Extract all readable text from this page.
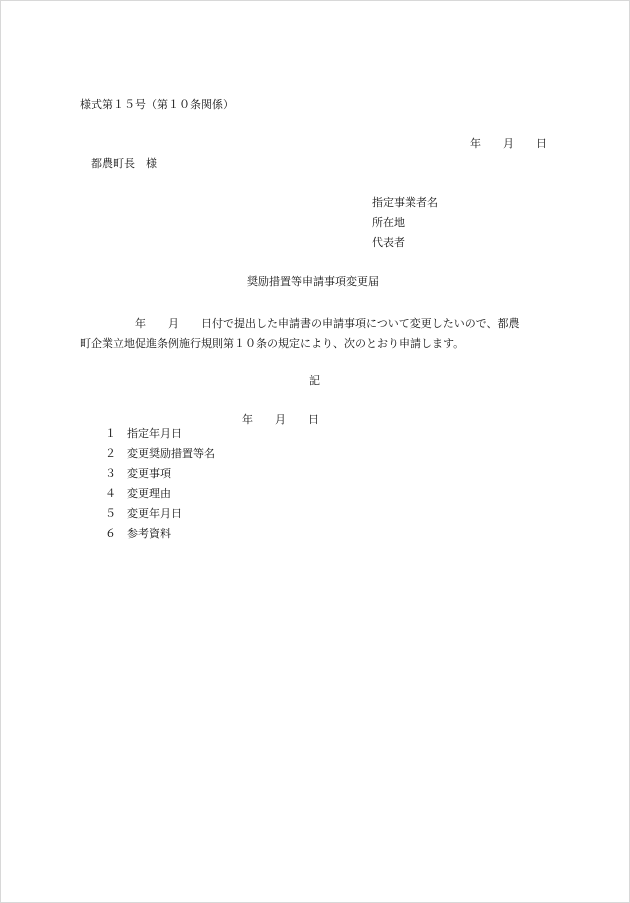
様式第１５号（第１０条関係）
年　　月　　日
都農町長　様
指定事業者名
所在地
代表者
奨励措置等申請事項変更届
　　　　　年　　月　　日付で提出した申請書の申請事項について変更したいので、都農
町企業立地促進条例施行規則第１０条の規定により、次のとおり申請します。
記

１ 指定年月日

年　　月　　日

２ 変更奨励措置等名

３ 変更事項

４ 変更理由

５ 変更年月日

６ 参考資料
